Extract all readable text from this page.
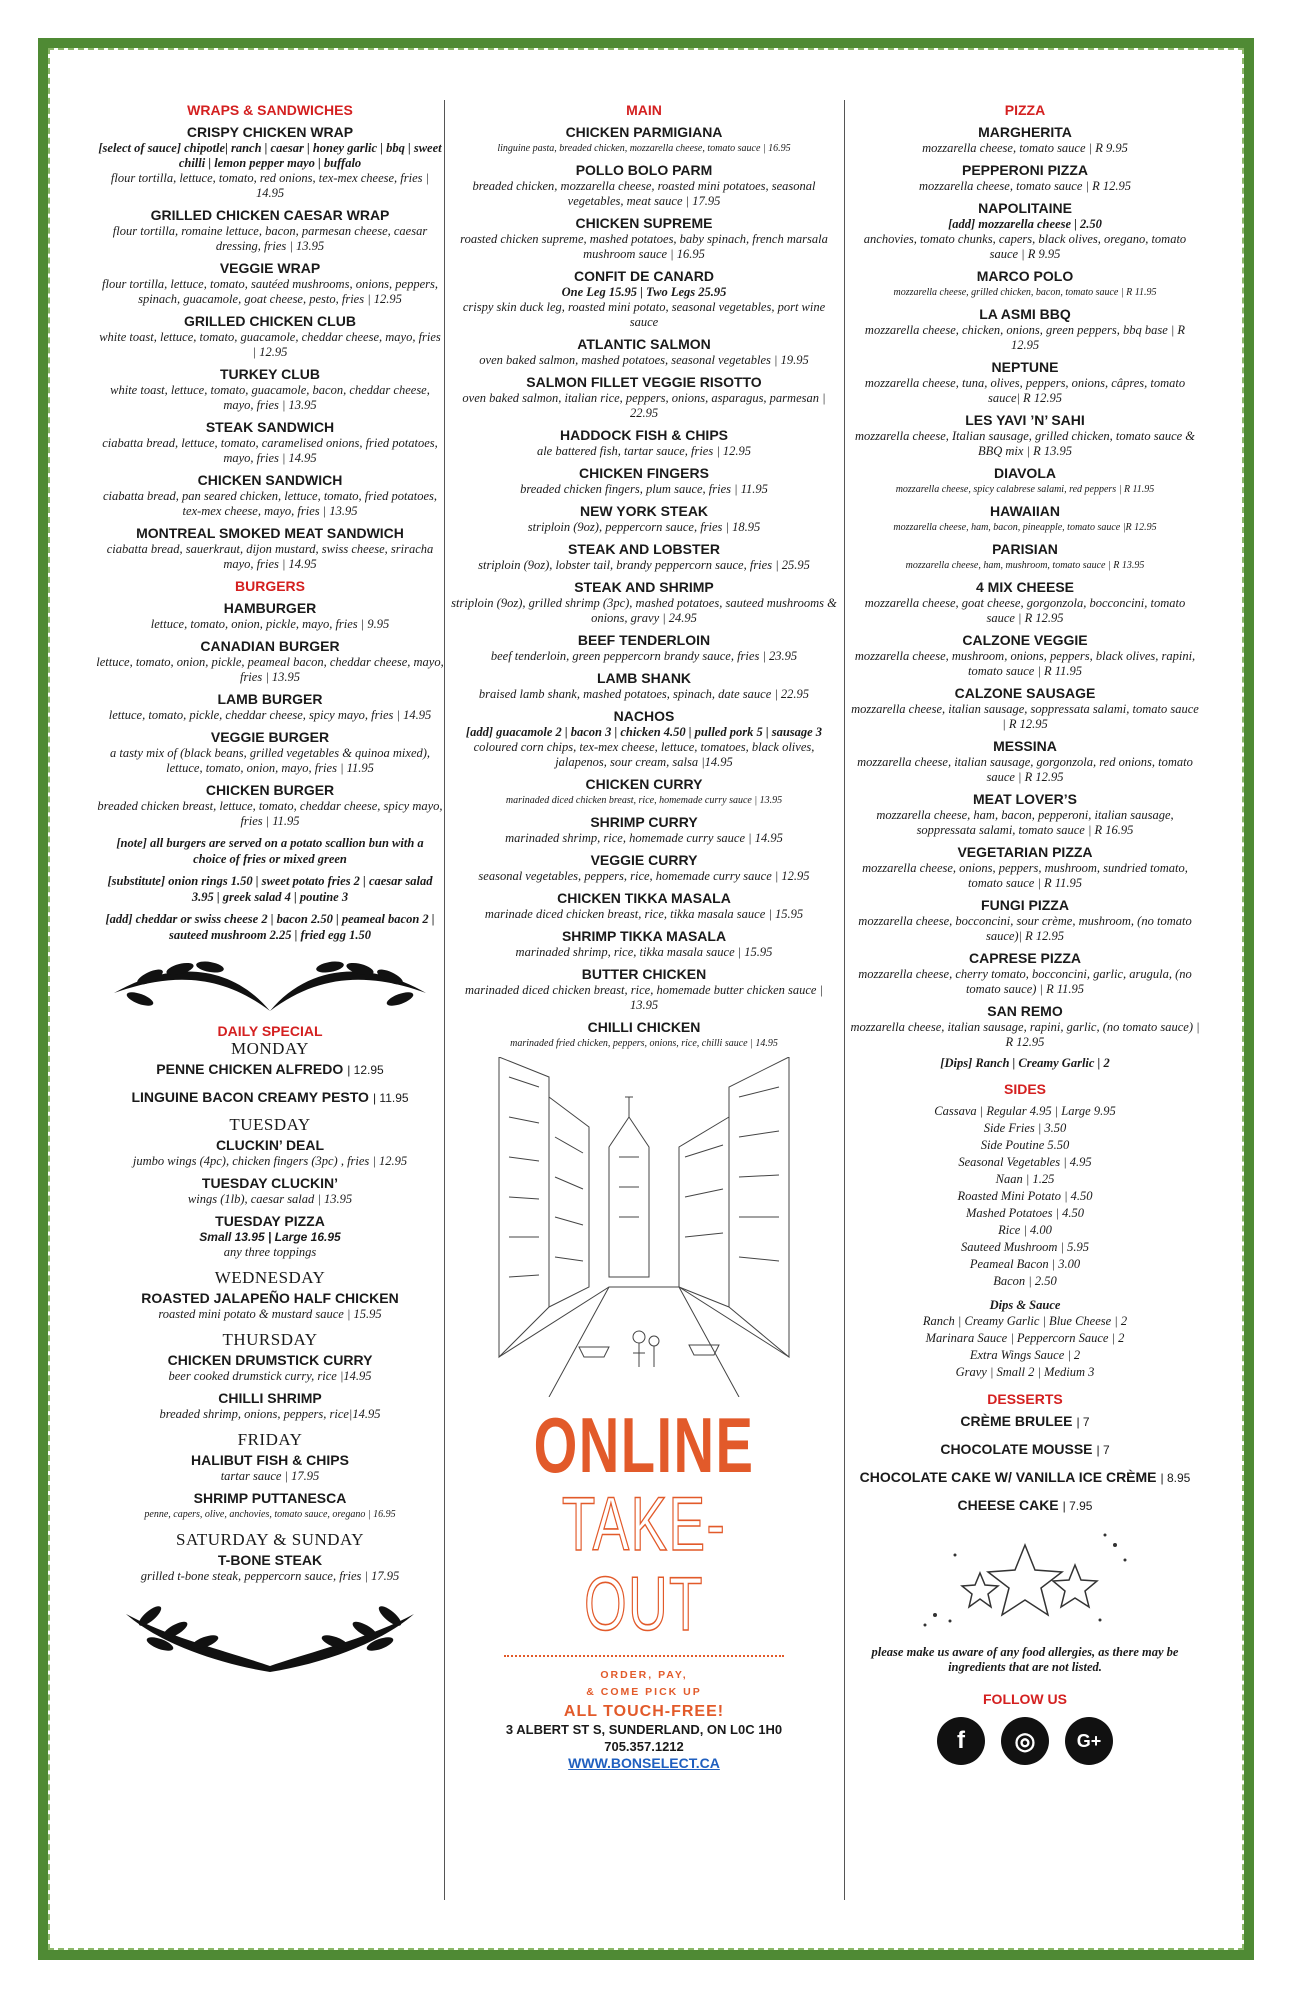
WRAPS & SANDWICHES
CRISPY CHICKEN WRAP
[select of sauce] chipotle| ranch | caesar | honey garlic | bbq | sweet chilli | lemon pepper mayo | buffalo
flour tortilla, lettuce, tomato, red onions, tex-mex cheese, fries | 14.95
GRILLED CHICKEN CAESAR WRAP
flour tortilla, romaine lettuce, bacon, parmesan cheese, caesar dressing, fries | 13.95
VEGGIE WRAP
flour tortilla, lettuce, tomato, sautéed mushrooms, onions, peppers, spinach, guacamole, goat cheese, pesto, fries | 12.95
GRILLED CHICKEN CLUB
white toast, lettuce, tomato, guacamole, cheddar cheese, mayo, fries | 12.95
TURKEY CLUB
white toast, lettuce, tomato, guacamole, bacon, cheddar cheese, mayo, fries | 13.95
STEAK SANDWICH
ciabatta bread, lettuce, tomato, caramelised onions, fried potatoes, mayo, fries | 14.95
CHICKEN SANDWICH
ciabatta bread, pan seared chicken, lettuce, tomato, fried potatoes, tex-mex cheese, mayo, fries | 13.95
MONTREAL SMOKED MEAT SANDWICH
ciabatta bread, sauerkraut, dijon mustard, swiss cheese, sriracha mayo, fries | 14.95
BURGERS
HAMBURGER
lettuce, tomato, onion, pickle, mayo, fries | 9.95
CANADIAN BURGER
lettuce, tomato, onion, pickle, peameal bacon, cheddar cheese, mayo, fries | 13.95
LAMB BURGER
lettuce, tomato, pickle, cheddar cheese, spicy mayo, fries | 14.95
VEGGIE BURGER
a tasty mix of (black beans, grilled vegetables & quinoa mixed), lettuce, tomato, onion, mayo, fries | 11.95
CHICKEN BURGER
breaded chicken breast, lettuce, tomato, cheddar cheese, spicy mayo, fries | 11.95
[note] all burgers are served on a potato scallion bun with a choice of fries or mixed green
[substitute] onion rings 1.50 | sweet potato fries 2 | caesar salad 3.95 | greek salad 4 | poutine 3
[add] cheddar or swiss cheese 2 | bacon 2.50 | peameal bacon 2 | sauteed mushroom 2.25 | fried egg 1.50
DAILY SPECIAL
MONDAY
PENNE CHICKEN ALFREDO | 12.95
LINGUINE BACON CREAMY PESTO | 11.95
TUESDAY
CLUCKIN’ DEAL
jumbo wings (4pc), chicken fingers (3pc) , fries | 12.95
TUESDAY CLUCKIN’
wings (1lb), caesar salad | 13.95
TUESDAY PIZZA
Small 13.95 | Large 16.95
any three toppings
WEDNESDAY
ROASTED JALAPEÑO HALF CHICKEN
roasted mini potato & mustard sauce | 15.95
THURSDAY
CHICKEN DRUMSTICK CURRY
beer cooked drumstick curry, rice |14.95
CHILLI SHRIMP
breaded shrimp, onions, peppers, rice|14.95
FRIDAY
HALIBUT FISH & CHIPS
tartar sauce | 17.95
SHRIMP PUTTANESCA
penne, capers, olive, anchovies, tomato sauce, oregano | 16.95
SATURDAY & SUNDAY
T-BONE STEAK
grilled t-bone steak, peppercorn sauce, fries | 17.95
MAIN
CHICKEN PARMIGIANA
linguine pasta, breaded chicken, mozzarella cheese, tomato sauce | 16.95
POLLO BOLO PARM
breaded chicken, mozzarella cheese, roasted mini potatoes, seasonal vegetables, meat sauce | 17.95
CHICKEN SUPREME
roasted chicken supreme, mashed potatoes, baby spinach, french marsala mushroom sauce | 16.95
CONFIT DE CANARD
One Leg 15.95 | Two Legs 25.95
crispy skin duck leg, roasted mini potato, seasonal vegetables, port wine sauce
ATLANTIC SALMON
oven baked salmon, mashed potatoes, seasonal vegetables | 19.95
SALMON FILLET VEGGIE RISOTTO
oven baked salmon, italian rice, peppers, onions, asparagus, parmesan | 22.95
HADDOCK FISH & CHIPS
ale battered fish, tartar sauce, fries | 12.95
CHICKEN FINGERS
breaded chicken fingers, plum sauce, fries | 11.95
NEW YORK STEAK
striploin (9oz), peppercorn sauce, fries | 18.95
STEAK AND LOBSTER
striploin (9oz), lobster tail, brandy peppercorn sauce, fries | 25.95
STEAK AND SHRIMP
striploin (9oz), grilled shrimp (3pc), mashed potatoes, sauteed mushrooms & onions, gravy | 24.95
BEEF TENDERLOIN
beef tenderloin, green peppercorn brandy sauce, fries | 23.95
LAMB SHANK
braised lamb shank, mashed potatoes, spinach, date sauce | 22.95
NACHOS
[add] guacamole 2 | bacon 3 | chicken 4.50 | pulled pork 5 | sausage 3
coloured corn chips, tex-mex cheese, lettuce, tomatoes, black olives, jalapenos, sour cream, salsa |14.95
CHICKEN CURRY
marinaded diced chicken breast, rice, homemade curry sauce | 13.95
SHRIMP CURRY
marinaded shrimp, rice, homemade curry sauce | 14.95
VEGGIE CURRY
seasonal vegetables, peppers, rice, homemade curry sauce | 12.95
CHICKEN TIKKA MASALA
marinade diced chicken breast, rice, tikka masala sauce | 15.95
SHRIMP TIKKA MASALA
marinaded shrimp, rice, tikka masala sauce | 15.95
BUTTER CHICKEN
marinaded diced chicken breast, rice, homemade butter chicken sauce | 13.95
CHILLI CHICKEN
marinaded fried chicken, peppers, onions, rice, chilli sauce | 14.95
ONLINE
TAKE-OUT
ORDER, PAY,
& COME PICK UP
ALL TOUCH-FREE!
3 ALBERT ST S, SUNDERLAND, ON L0C 1H0
705.357.1212
WWW.BONSELECT.CA
PIZZA
MARGHERITA
mozzarella cheese, tomato sauce | R 9.95
PEPPERONI PIZZA
mozzarella cheese, tomato sauce | R 12.95
NAPOLITAINE
[add] mozzarella cheese | 2.50
anchovies, tomato chunks, capers, black olives, oregano, tomato sauce | R 9.95
MARCO POLO
mozzarella cheese, grilled chicken, bacon, tomato sauce | R 11.95
LA ASMI BBQ
mozzarella cheese, chicken, onions, green peppers, bbq base | R 12.95
NEPTUNE
mozzarella cheese, tuna, olives, peppers, onions, câpres, tomato sauce| R 12.95
LES YAVI ’N’ SAHI
mozzarella cheese, Italian sausage, grilled chicken, tomato sauce & BBQ mix | R 13.95
DIAVOLA
mozzarella cheese, spicy calabrese salami, red peppers | R 11.95
HAWAIIAN
mozzarella cheese, ham, bacon, pineapple, tomato sauce |R 12.95
PARISIAN
mozzarella cheese, ham, mushroom, tomato sauce | R 13.95
4 MIX CHEESE
mozzarella cheese, goat cheese, gorgonzola, bocconcini, tomato sauce | R 12.95
CALZONE VEGGIE
mozzarella cheese, mushroom, onions, peppers, black olives, rapini, tomato sauce | R 11.95
CALZONE SAUSAGE
mozzarella cheese, italian sausage, soppressata salami, tomato sauce | R 12.95
MESSINA
mozzarella cheese, italian sausage, gorgonzola, red onions, tomato sauce | R 12.95
MEAT LOVER’S
mozzarella cheese, ham, bacon, pepperoni, italian sausage, soppressata salami, tomato sauce | R 16.95
VEGETARIAN PIZZA
mozzarella cheese, onions, peppers, mushroom, sundried tomato, tomato sauce | R 11.95
FUNGI PIZZA
mozzarella cheese, bocconcini, sour crème, mushroom, (no tomato sauce)| R 12.95
CAPRESE PIZZA
mozzarella cheese, cherry tomato, bocconcini, garlic, arugula, (no tomato sauce) | R 11.95
SAN REMO
mozzarella cheese, italian sausage, rapini, garlic, (no tomato sauce) | R 12.95
[Dips] Ranch | Creamy Garlic | 2
SIDES
Cassava | Regular 4.95 | Large 9.95
Side Fries | 3.50
Side Poutine 5.50
Seasonal Vegetables | 4.95
Naan | 1.25
Roasted Mini Potato | 4.50
Mashed Potatoes | 4.50
Rice | 4.00
Sauteed Mushroom | 5.95
Peameal Bacon | 3.00
Bacon | 2.50
Dips & Sauce
Ranch | Creamy Garlic | Blue Cheese | 2
Marinara Sauce | Peppercorn Sauce | 2
Extra Wings Sauce | 2
Gravy | Small 2 | Medium 3
DESSERTS
CRÈME BRULEE | 7
CHOCOLATE MOUSSE | 7
CHOCOLATE CAKE W/ VANILLA ICE CRÈME | 8.95
CHEESE CAKE | 7.95
please make us aware of any food allergies, as there may be ingredients that are not listed.
FOLLOW US
f	◎	G+
